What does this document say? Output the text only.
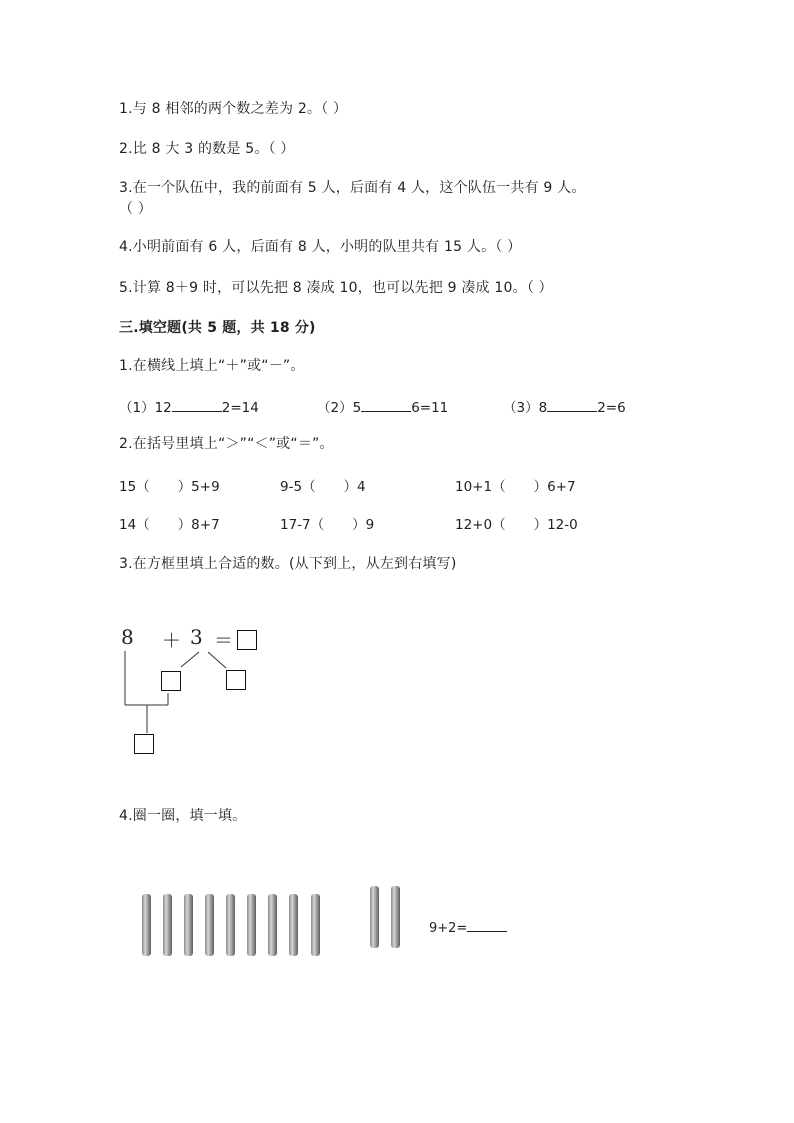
1.与 8 相邻的两个数之差为 2。（ ）
2.比 8 大 3 的数是 5。（ ）
3.在一个队伍中，我的前面有 5 人，后面有 4 人，这个队伍一共有 9 人。
（ ）
4.小明前面有 6 人，后面有 8 人，小明的队里共有 15 人。（ ）
5.计算 8＋9 时，可以先把 8 凑成 10，也可以先把 9 凑成 10。（ ）
三.填空题(共 5 题，共 18 分)
1.在横线上填上“＋”或“－”。
（1）12	2=14	（2）5	6=11	（3）8	2=6
2.在括号里填上“＞”“＜”或“＝”。
15（ ）5+9	9-5（ ）4	10+1（ ）6+7
14（ ）8+7	17-7（ ）9	12+0（ ）12-0
3.在方框里填上合适的数。(从下到上，从左到右填写)
8 ＋ 3 ＝
4.圈一圈，填一填。
9+2=
